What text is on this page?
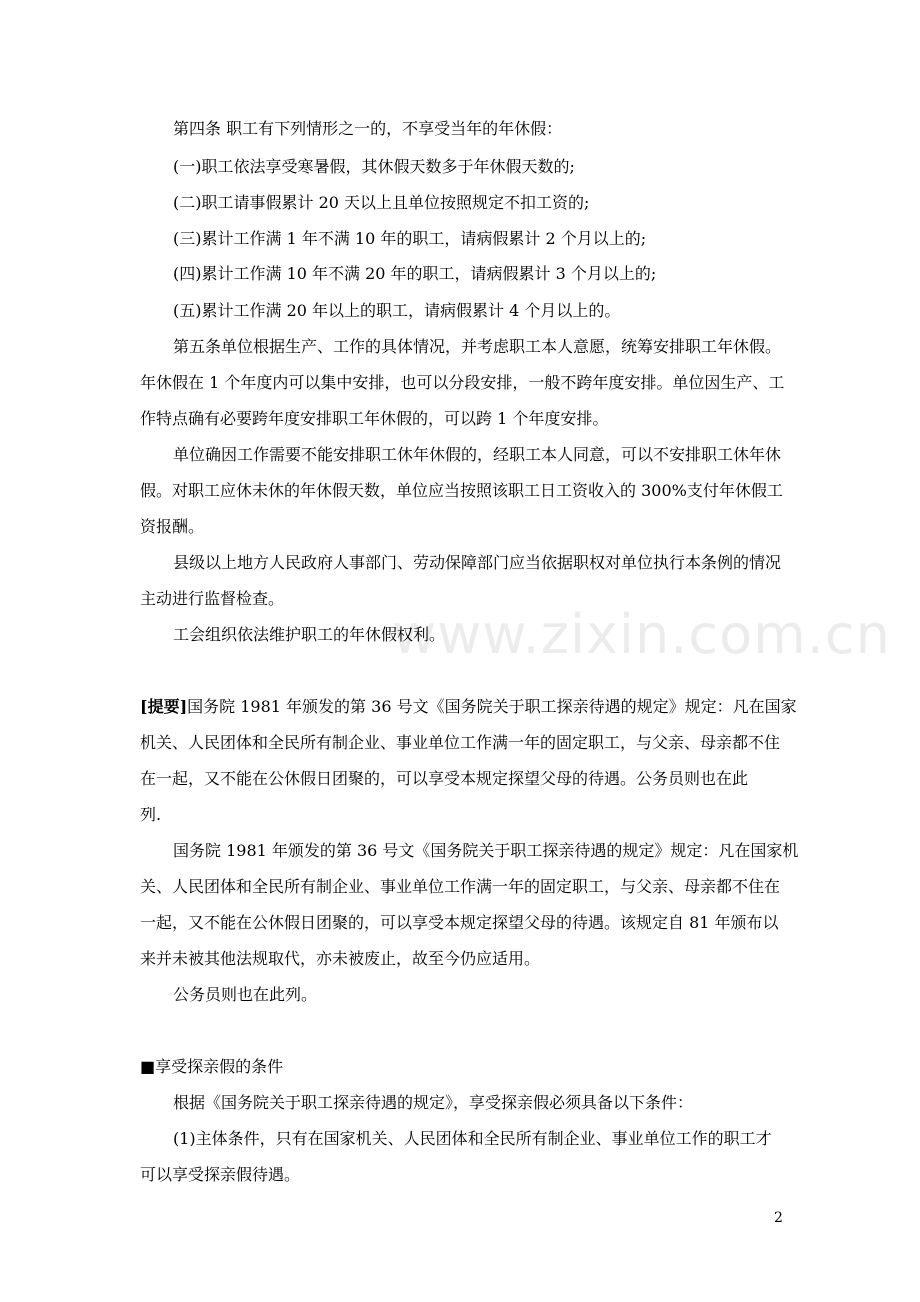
第四条 职工有下列情形之一的，不享受当年的年休假：
(一)职工依法享受寒暑假，其休假天数多于年休假天数的;
(二)职工请事假累计 20 天以上且单位按照规定不扣工资的;
(三)累计工作满 1 年不满 10 年的职工，请病假累计 2 个月以上的;
(四)累计工作满 10 年不满 20 年的职工，请病假累计 3 个月以上的;
(五)累计工作满 20 年以上的职工，请病假累计 4 个月以上的。
第五条单位根据生产、工作的具体情况，并考虑职工本人意愿，统筹安排职工年休假。
年休假在 1 个年度内可以集中安排，也可以分段安排，一般不跨年度安排。单位因生产、工
作特点确有必要跨年度安排职工年休假的，可以跨 1 个年度安排。
单位确因工作需要不能安排职工休年休假的，经职工本人同意，可以不安排职工休年休
假。对职工应休未休的年休假天数，单位应当按照该职工日工资收入的 300%支付年休假工
资报酬。
县级以上地方人民政府人事部门、劳动保障部门应当依据职权对单位执行本条例的情况
主动进行监督检查。
工会组织依法维护职工的年休假权利。
[提要]国务院 1981 年颁发的第 36 号文《国务院关于职工探亲待遇的规定》规定：凡在国家
机关、人民团体和全民所有制企业、事业单位工作满一年的固定职工，与父亲、母亲都不住
在一起，又不能在公休假日团聚的，可以享受本规定探望父母的待遇。公务员则也在此
列.
国务院 1981 年颁发的第 36 号文《国务院关于职工探亲待遇的规定》规定：凡在国家机
关、人民团体和全民所有制企业、事业单位工作满一年的固定职工，与父亲、母亲都不住在
一起，又不能在公休假日团聚的，可以享受本规定探望父母的待遇。该规定自 81 年颁布以
来并未被其他法规取代，亦未被废止，故至今仍应适用。
公务员则也在此列。
■享受探亲假的条件
根据《国务院关于职工探亲待遇的规定》，享受探亲假必须具备以下条件：
(1)主体条件，只有在国家机关、人民团体和全民所有制企业、事业单位工作的职工才
可以享受探亲假待遇。
www.zixin.com.cn
2
